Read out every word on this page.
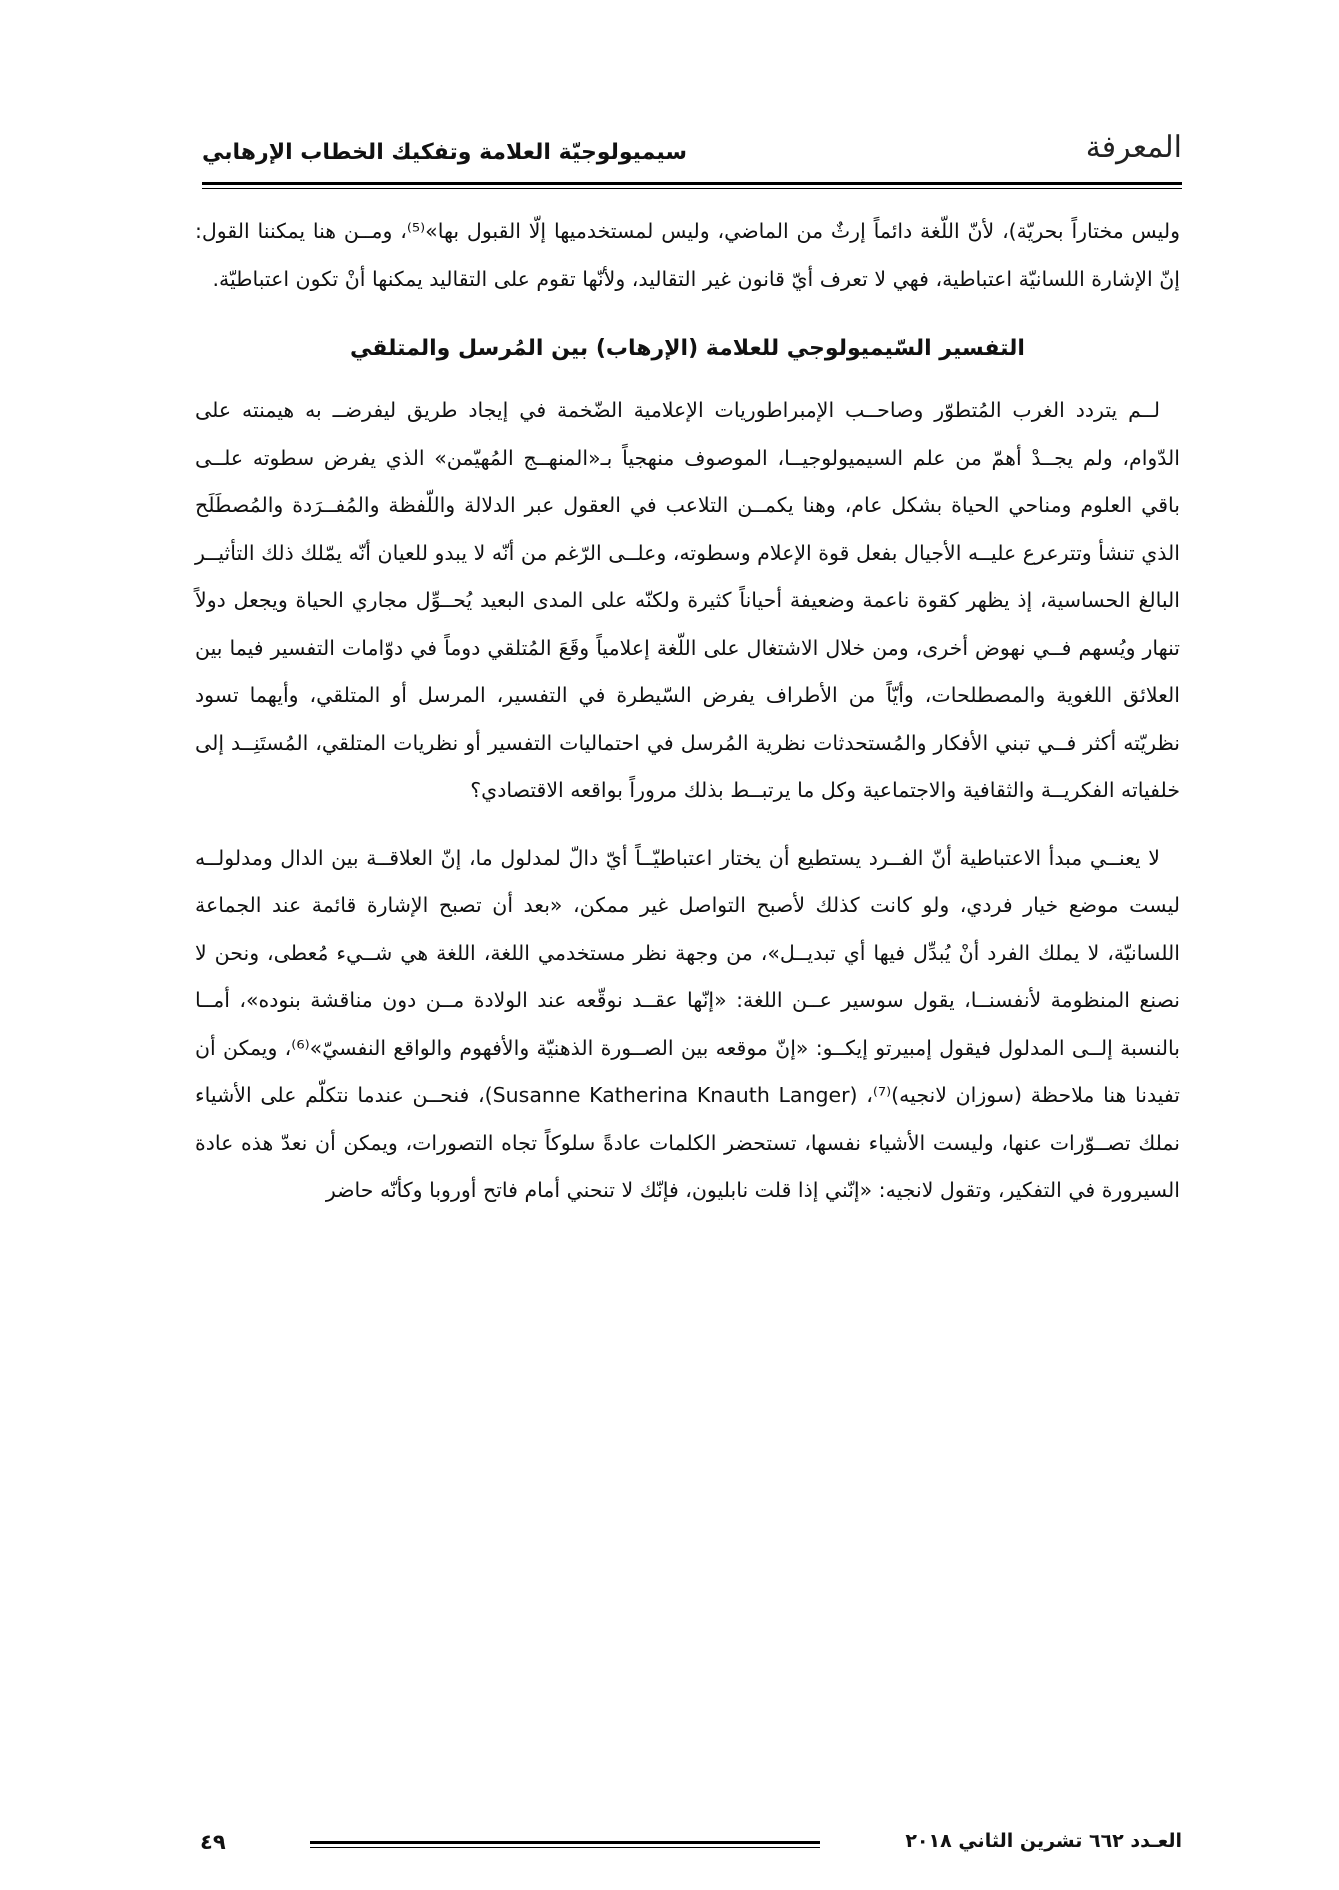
المعرفة
سيميولوجيّة العلامة وتفكيك الخطاب الإرهابي

وليس مختاراً بحريّة)، لأنّ اللّغة دائماً إرثٌ من الماضي، وليس لمستخدميها إلّا القبول بها»⁽⁵⁾، ومــن هنا يمكننا القول: إنّ الإشارة اللسانيّة اعتباطية، فهي لا تعرف أيّ قانون غير التقاليد، ولأنّها تقوم على التقاليد يمكنها أنْ تكون اعتباطيّة.

التفسير السّيميولوجي للعلامة (الإرهاب) بين المُرسل والمتلقي

لــم يتردد الغرب المُتطوّر وصاحــب الإمبراطوريات الإعلامية الضّخمة في إيجاد طريق ليفرضــ به هيمنته على الدّوام، ولم يجــدْ أهمّ من علم السيميولوجيــا، الموصوف منهجياً بـ«المنهــج المُهيّمن» الذي يفرض سطوته علــى باقي العلوم ومناحي الحياة بشكل عام، وهنا يكمــن التلاعب في العقول عبر الدلالة واللّفظة والمُفــرَدة والمُصطَلَح الذي تنشأ وتترعرع عليــه الأجيال بفعل قوة الإعلام وسطوته، وعلــى الرّغم من أنّه لا يبدو للعيان أنّه يمّلك ذلك التأثيــر البالغ الحساسية، إذ يظهر كقوة ناعمة وضعيفة أحياناً كثيرة ولكنّه على المدى البعيد يُحــوِّل مجاري الحياة ويجعل دولاً تنهار ويُسهم فــي نهوض أخرى، ومن خلال الاشتغال على اللّغة إعلامياً وقَعَ المُتلقي دوماً في دوّامات التفسير فيما بين العلائق اللغوية والمصطلحات، وأيّاً من الأطراف يفرض السّيطرة في التفسير، المرسل أو المتلقي، وأيهما تسود نظريّته أكثر فــي تبني الأفكار والمُستحدثات نظرية المُرسل في احتماليات التفسير أو نظريات المتلقي، المُستَنِــد إلى خلفياته الفكريــة والثقافية والاجتماعية وكل ما يرتبــط بذلك مروراً بواقعه الاقتصادي؟

لا يعنــي مبدأ الاعتباطية أنّ الفــرد يستطيع أن يختار اعتباطيّــاً أيّ دالّ لمدلول ما، إنّ العلاقــة بين الدال ومدلولــه ليست موضع خيار فردي، ولو كانت كذلك لأصبح التواصل غير ممكن، «بعد أن تصبح الإشارة قائمة عند الجماعة اللسانيّة، لا يملك الفرد أنْ يُبدِّل فيها أي تبديــل»، من وجهة نظر مستخدمي اللغة، اللغة هي شــيء مُعطى، ونحن لا نصنع المنظومة لأنفسنــا، يقول سوسير عــن اللغة: «إنّها عقــد نوقّعه عند الولادة مــن دون مناقشة بنوده»، أمــا بالنسبة إلــى المدلول فيقول إمبيرتو إيكــو: «إنّ موقعه بين الصــورة الذهنيّة والأفهوم والواقع النفسيّ»⁽⁶⁾، ويمكن أن تفيدنا هنا ملاحظة (سوزان لانجيه)⁽⁷⁾، (Susanne Katherina Knauth Langer)، فنحــن عندما نتكلّم على الأشياء نملك تصــوّرات عنها، وليست الأشياء نفسها، تستحضر الكلمات عادةً سلوكاً تجاه التصورات، ويمكن أن نعدّ هذه عادة السيرورة في التفكير، وتقول لانجيه: «إنّني إذا قلت نابليون، فإنّك لا تنحني أمام فاتح أوروبا وكأنّه حاضر

العـدد ٦٦٢ تشرين الثاني ٢٠١٨
٤٩
